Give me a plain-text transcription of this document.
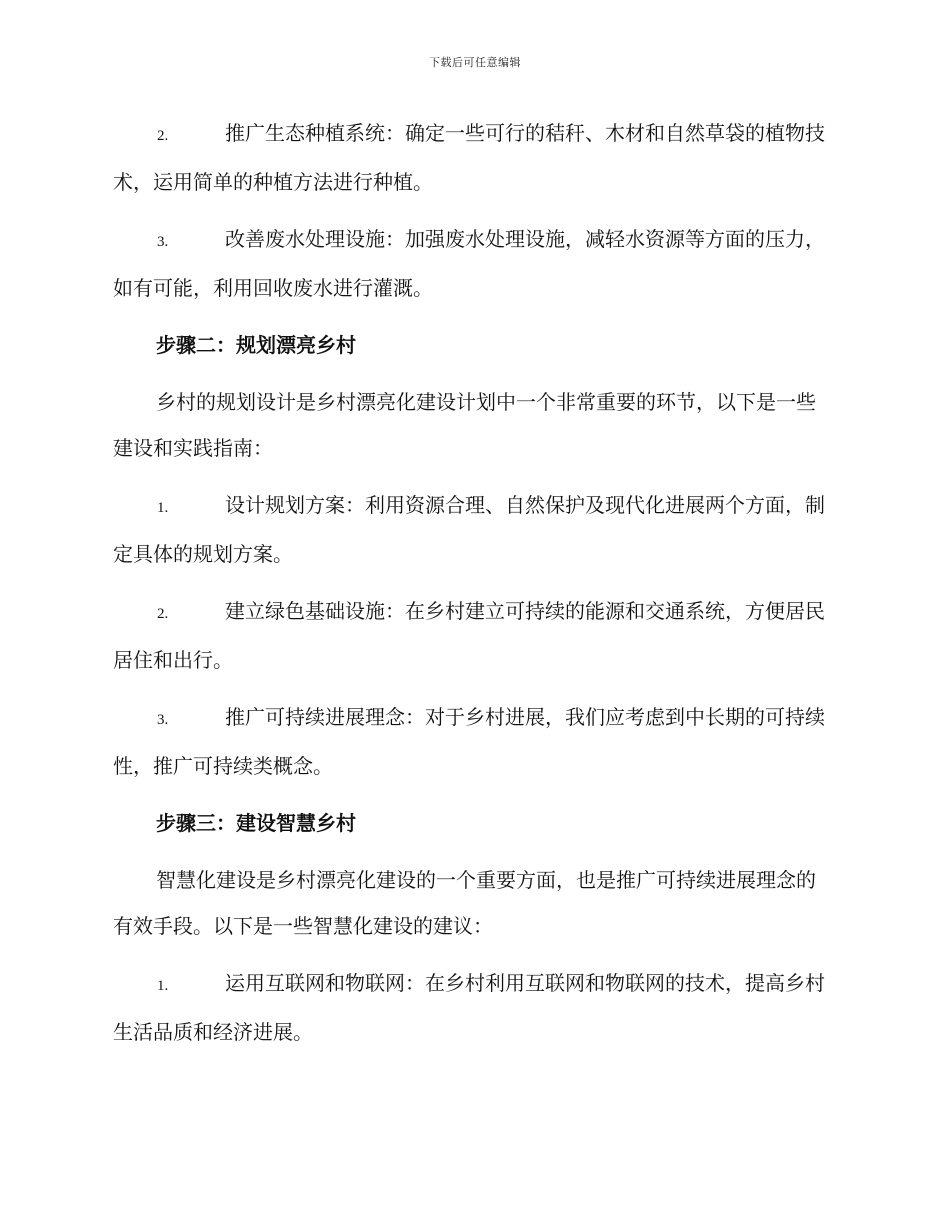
下载后可任意编辑

2.	推广生态种植系统：确定一些可行的秸秆、木材和自然草袋的植物技术，运用简单的种植方法进行种植。

3.	改善废水处理设施：加强废水处理设施，减轻水资源等方面的压力，如有可能，利用回收废水进行灌溉。

步骤二：规划漂亮乡村

乡村的规划设计是乡村漂亮化建设计划中一个非常重要的环节，以下是一些建设和实践指南：

1.	设计规划方案：利用资源合理、自然保护及现代化进展两个方面，制定具体的规划方案。

2.	建立绿色基础设施：在乡村建立可持续的能源和交通系统，方便居民居住和出行。

3.	推广可持续进展理念：对于乡村进展，我们应考虑到中长期的可持续性，推广可持续类概念。

步骤三：建设智慧乡村

智慧化建设是乡村漂亮化建设的一个重要方面，也是推广可持续进展理念的有效手段。以下是一些智慧化建设的建议：

1.	运用互联网和物联网：在乡村利用互联网和物联网的技术，提高乡村生活品质和经济进展。
